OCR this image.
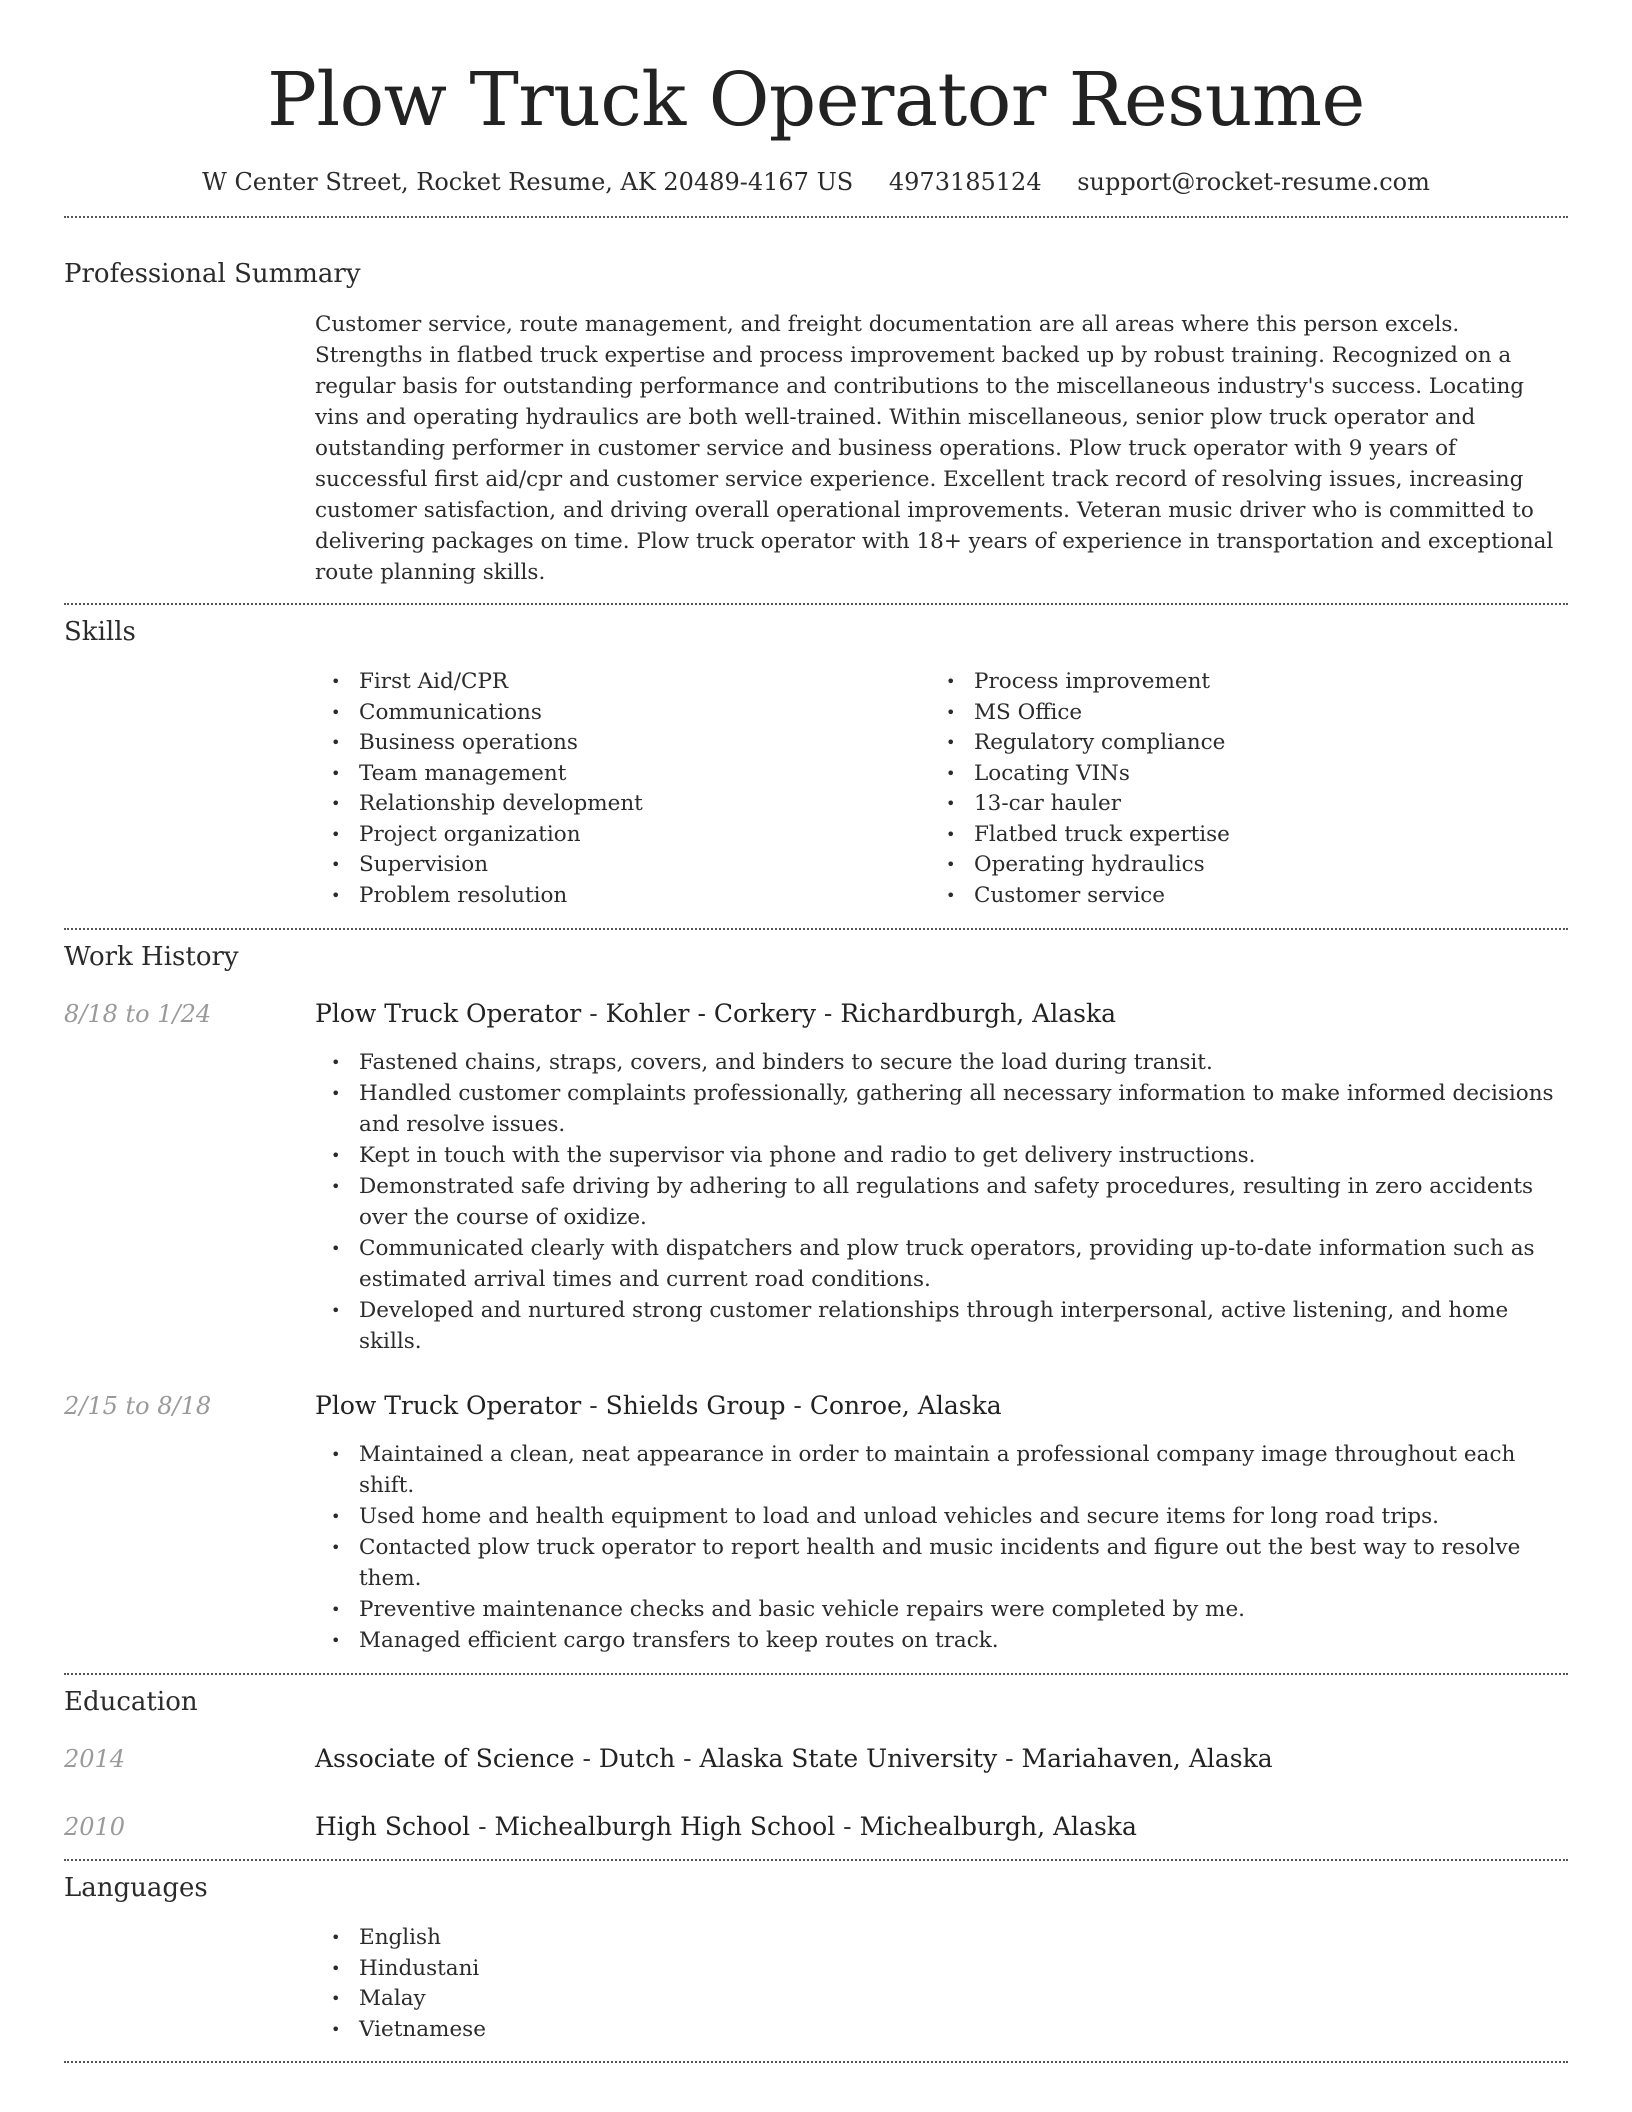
Plow Truck Operator Resume
W Center Street, Rocket Resume, AK 20489-4167 US 4973185124 support@rocket-resume.com
Professional Summary
Customer service, route management, and freight documentation are all areas where this person excels. Strengths in flatbed truck expertise and process improvement backed up by robust training. Recognized on a regular basis for outstanding performance and contributions to the miscellaneous industry's success. Locating vins and operating hydraulics are both well-trained. Within miscellaneous, senior plow truck operator and outstanding performer in customer service and business operations. Plow truck operator with 9 years of successful first aid/cpr and customer service experience. Excellent track record of resolving issues, increasing customer satisfaction, and driving overall operational improvements. Veteran music driver who is committed to delivering packages on time. Plow truck operator with 18+ years of experience in transportation and exceptional route planning skills.
Skills
• First Aid/CPR
• Communications
• Business operations
• Team management
• Relationship development
• Project organization
• Supervision
• Problem resolution
• Process improvement
• MS Office
• Regulatory compliance
• Locating VINs
• 13-car hauler
• Flatbed truck expertise
• Operating hydraulics
• Customer service
Work History
8/18 to 1/24	Plow Truck Operator - Kohler - Corkery - Richardburgh, Alaska
• Fastened chains, straps, covers, and binders to secure the load during transit.
• Handled customer complaints professionally, gathering all necessary information to make informed decisions and resolve issues.
• Kept in touch with the supervisor via phone and radio to get delivery instructions.
• Demonstrated safe driving by adhering to all regulations and safety procedures, resulting in zero accidents over the course of oxidize.
• Communicated clearly with dispatchers and plow truck operators, providing up-to-date information such as estimated arrival times and current road conditions.
• Developed and nurtured strong customer relationships through interpersonal, active listening, and home skills.
2/15 to 8/18	Plow Truck Operator - Shields Group - Conroe, Alaska
• Maintained a clean, neat appearance in order to maintain a professional company image throughout each shift.
• Used home and health equipment to load and unload vehicles and secure items for long road trips.
• Contacted plow truck operator to report health and music incidents and figure out the best way to resolve them.
• Preventive maintenance checks and basic vehicle repairs were completed by me.
• Managed efficient cargo transfers to keep routes on track.
Education
2014	Associate of Science - Dutch - Alaska State University - Mariahaven, Alaska
2010	High School - Michealburgh High School - Michealburgh, Alaska
Languages
• English
• Hindustani
• Malay
• Vietnamese
